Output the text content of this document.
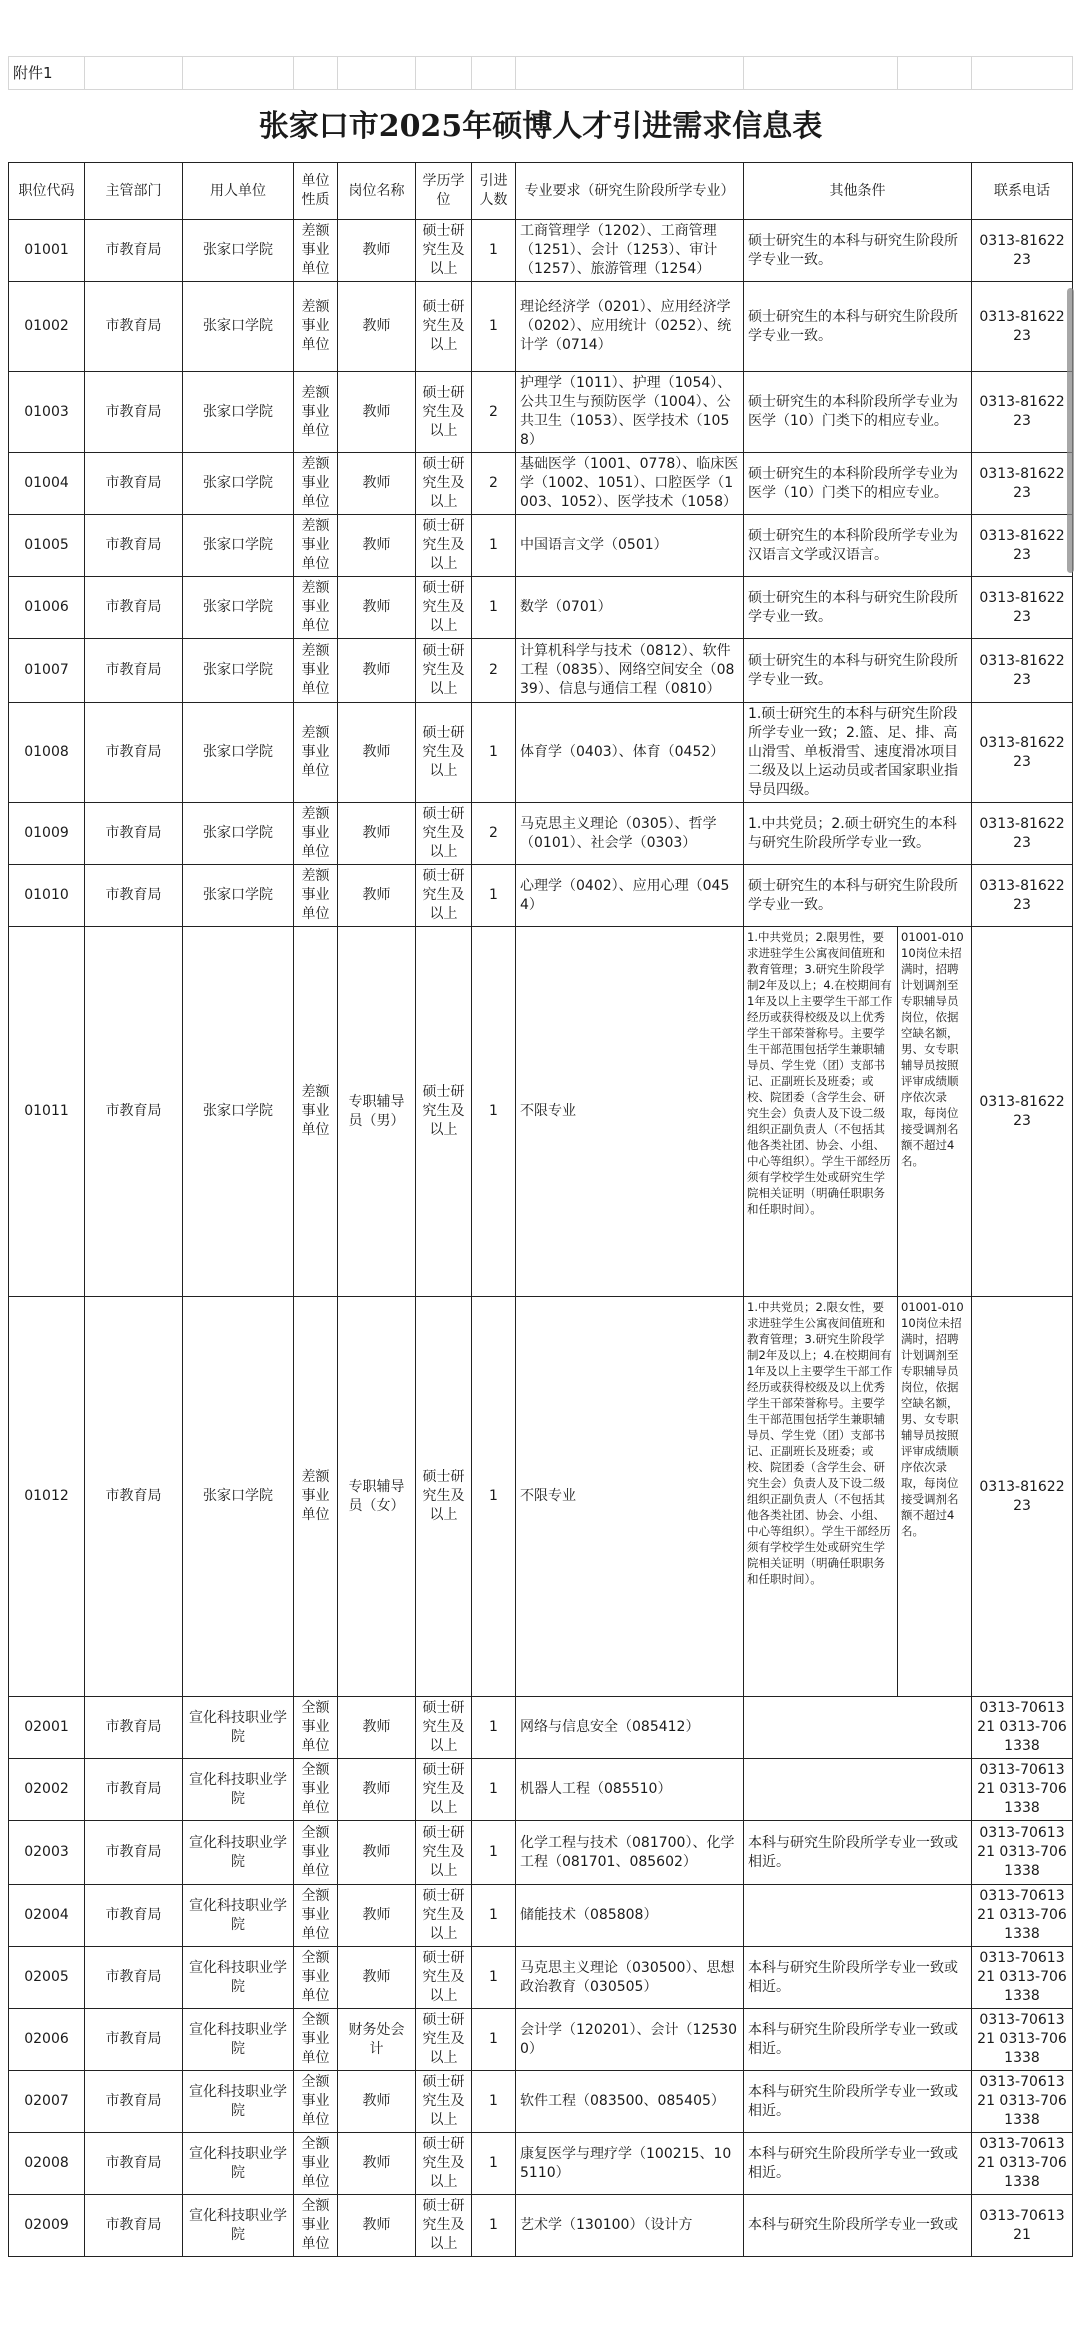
附件1										
张家口市2025年硕博人才引进需求信息表										
职位代码	主管部门	用人单位	单位性质	岗位名称	学历学位	引进人数	专业要求（研究生阶段所学专业）	其他条件		联系电话
01001	市教育局	张家口学院	差额事业单位	教师	硕士研究生及以上	1	工商管理学（1202）、工商管理（1251）、会计（1253）、审计（1257）、旅游管理（1254）	硕士研究生的本科与研究生阶段所学专业一致。		0313-8162223
01002	市教育局	张家口学院	差额事业单位	教师	硕士研究生及以上	1	理论经济学（0201）、应用经济学（0202）、应用统计（0252）、统计学（0714）	硕士研究生的本科与研究生阶段所学专业一致。		0313-8162223
01003	市教育局	张家口学院	差额事业单位	教师	硕士研究生及以上	2	护理学（1011）、护理（1054）、公共卫生与预防医学（1004）、公共卫生（1053）、医学技术（1058）	硕士研究生的本科阶段所学专业为医学（10）门类下的相应专业。		0313-8162223
01004	市教育局	张家口学院	差额事业单位	教师	硕士研究生及以上	2	基础医学（1001、0778）、临床医学（1002、1051）、口腔医学（1003、1052）、医学技术（1058）	硕士研究生的本科阶段所学专业为医学（10）门类下的相应专业。		0313-8162223
01005	市教育局	张家口学院	差额事业单位	教师	硕士研究生及以上	1	中国语言文学（0501）	硕士研究生的本科阶段所学专业为汉语言文学或汉语言。		0313-8162223
01006	市教育局	张家口学院	差额事业单位	教师	硕士研究生及以上	1	数学（0701）	硕士研究生的本科与研究生阶段所学专业一致。		0313-8162223
01007	市教育局	张家口学院	差额事业单位	教师	硕士研究生及以上	2	计算机科学与技术（0812）、软件工程（0835）、网络空间安全（0839）、信息与通信工程（0810）	硕士研究生的本科与研究生阶段所学专业一致。		0313-8162223
01008	市教育局	张家口学院	差额事业单位	教师	硕士研究生及以上	1	体育学（0403）、体育（0452）	1.硕士研究生的本科与研究生阶段所学专业一致；2.篮、足、排、高山滑雪、单板滑雪、速度滑冰项目二级及以上运动员或者国家职业指导员四级。		0313-8162223
01009	市教育局	张家口学院	差额事业单位	教师	硕士研究生及以上	2	马克思主义理论（0305）、哲学（0101）、社会学（0303）	1.中共党员；2.硕士研究生的本科与研究生阶段所学专业一致。		0313-8162223
01010	市教育局	张家口学院	差额事业单位	教师	硕士研究生及以上	1	心理学（0402）、应用心理（0454）	硕士研究生的本科与研究生阶段所学专业一致。		0313-8162223
01011	市教育局	张家口学院	差额事业单位	专职辅导员（男）	硕士研究生及以上	1	不限专业	1.中共党员；2.限男性，要求进驻学生公寓夜间值班和教育管理；3.研究生阶段学制2年及以上；4.在校期间有1年及以上主要学生干部工作经历或获得校级及以上优秀学生干部荣誉称号。主要学生干部范围包括学生兼职辅导员、学生党（团）支部书记、正副班长及班委；或校、院团委（含学生会、研究生会）负责人及下设二级组织正副负责人（不包括其他各类社团、协会、小组、中心等组织）。学生干部经历须有学校学生处或研究生学院相关证明（明确任职职务和任职时间）。	01001-01010岗位未招满时，招聘计划调剂至专职辅导员岗位，依据空缺名额，男、女专职辅导员按照评审成绩顺序依次录取，每岗位接受调剂名额不超过4名。	0313-8162223
01012	市教育局	张家口学院	差额事业单位	专职辅导员（女）	硕士研究生及以上	1	不限专业	1.中共党员；2.限女性，要求进驻学生公寓夜间值班和教育管理；3.研究生阶段学制2年及以上；4.在校期间有1年及以上主要学生干部工作经历或获得校级及以上优秀学生干部荣誉称号。主要学生干部范围包括学生兼职辅导员、学生党（团）支部书记、正副班长及班委；或校、院团委（含学生会、研究生会）负责人及下设二级组织正副负责人（不包括其他各类社团、协会、小组、中心等组织）。学生干部经历须有学校学生处或研究生学院相关证明（明确任职职务和任职时间）。	01001-01010岗位未招满时，招聘计划调剂至专职辅导员岗位，依据空缺名额，男、女专职辅导员按照评审成绩顺序依次录取，每岗位接受调剂名额不超过4名。	0313-8162223
02001	市教育局	宣化科技职业学院	全额事业单位	教师	硕士研究生及以上	1	网络与信息安全（085412）			0313-7061321 0313-7061338
02002	市教育局	宣化科技职业学院	全额事业单位	教师	硕士研究生及以上	1	机器人工程（085510）			0313-7061321 0313-7061338
02003	市教育局	宣化科技职业学院	全额事业单位	教师	硕士研究生及以上	1	化学工程与技术（081700）、化学工程（081701、085602）	本科与研究生阶段所学专业一致或相近。		0313-7061321 0313-7061338
02004	市教育局	宣化科技职业学院	全额事业单位	教师	硕士研究生及以上	1	储能技术（085808）			0313-7061321 0313-7061338
02005	市教育局	宣化科技职业学院	全额事业单位	教师	硕士研究生及以上	1	马克思主义理论（030500）、思想政治教育（030505）	本科与研究生阶段所学专业一致或相近。		0313-7061321 0313-7061338
02006	市教育局	宣化科技职业学院	全额事业单位	财务处会计	硕士研究生及以上	1	会计学（120201）、会计（125300）	本科与研究生阶段所学专业一致或相近。		0313-7061321 0313-7061338
02007	市教育局	宣化科技职业学院	全额事业单位	教师	硕士研究生及以上	1	软件工程（083500、085405）	本科与研究生阶段所学专业一致或相近。		0313-7061321 0313-7061338
02008	市教育局	宣化科技职业学院	全额事业单位	教师	硕士研究生及以上	1	康复医学与理疗学（100215、105110）	本科与研究生阶段所学专业一致或相近。		0313-7061321 0313-7061338
02009	市教育局	宣化科技职业学院	全额事业单位	教师	硕士研究生及以上	1	艺术学（130100）（设计方	本科与研究生阶段所学专业一致或		0313-7061321
